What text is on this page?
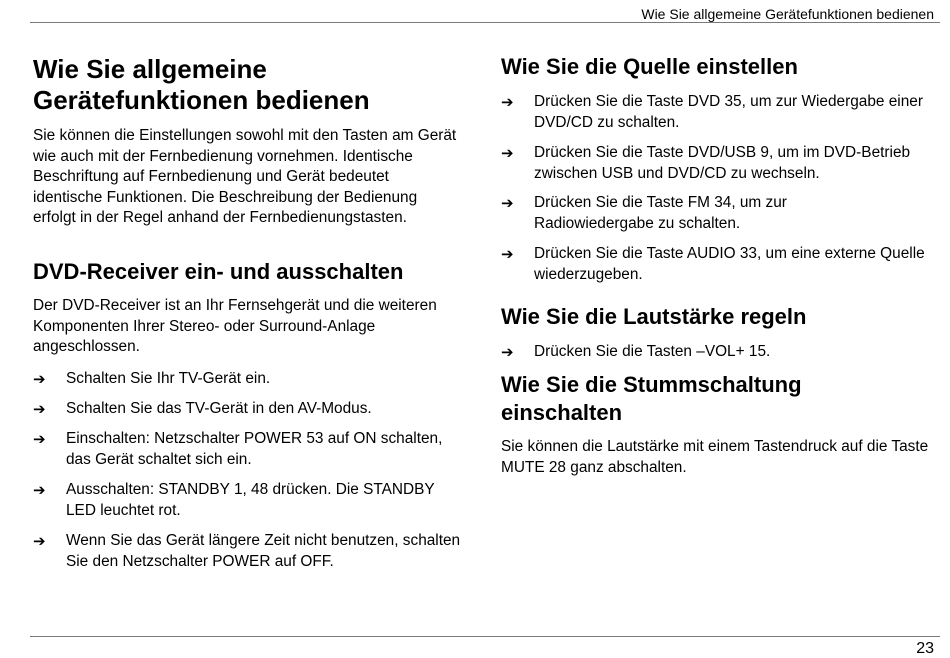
Wie Sie allgemeine Gerätefunktionen bedienen
Wie Sie allgemeine
Gerätefunktionen bedienen

Sie können die Einstellungen sowohl mit den Tasten am Gerät wie auch mit der Fernbedienung vornehmen. Identische Beschriftung auf Fernbedienung und Gerät bedeutet identische Funktionen. Die Beschreibung der Bedienung erfolgt in der Regel anhand der Fernbedienungstasten.

DVD-Receiver ein- und ausschalten

Der DVD-Receiver ist an Ihr Fernsehgerät und die weiteren Komponenten Ihrer Stereo- oder Surround-Anlage angeschlossen.

➔	Schalten Sie Ihr TV-Gerät ein.
➔	Schalten Sie das TV-Gerät in den AV-Modus.
➔	Einschalten: Netzschalter POWER 53 auf ON schalten, das Gerät schaltet sich ein.
➔	Ausschalten: STANDBY 1, 48 drücken. Die STANDBY LED leuchtet rot.
➔	Wenn Sie das Gerät längere Zeit nicht benutzen, schalten Sie den Netzschalter POWER auf OFF.
Wie Sie die Quelle einstellen
➔	Drücken Sie die Taste DVD 35, um zur Wiedergabe einer DVD/CD zu schalten.
➔	Drücken Sie die Taste DVD/USB 9, um im DVD-Betrieb zwischen USB und DVD/CD zu wechseln.
➔	Drücken Sie die Taste FM 34, um zur Radiowiedergabe zu schalten.
➔	Drücken Sie die Taste AUDIO 33, um eine externe Quelle wiederzugeben.
Wie Sie die Lautstärke regeln
➔	Drücken Sie die Tasten –VOL+ 15.
Wie Sie die Stummschaltung
einschalten

Sie können die Lautstärke mit einem Tastendruck auf die Taste MUTE 28 ganz abschalten.

23
